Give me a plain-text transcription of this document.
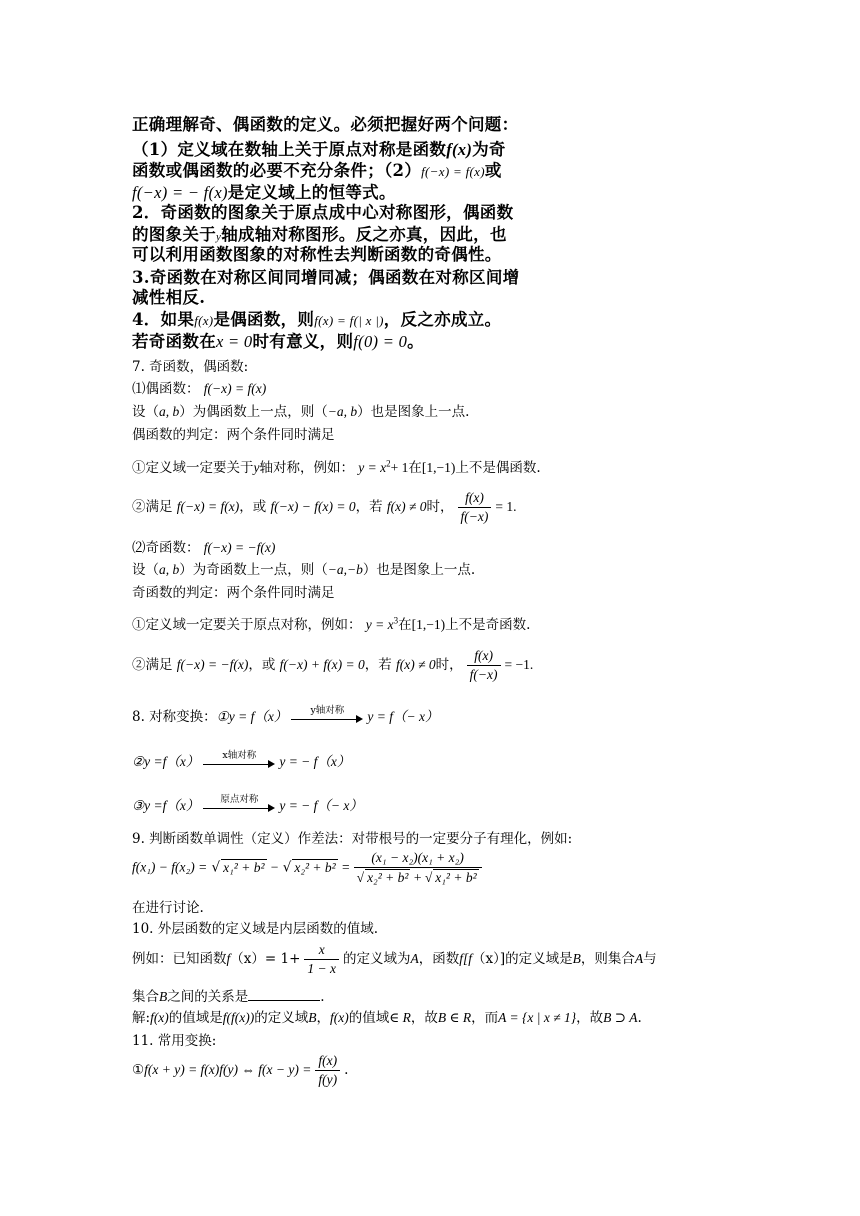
正确理解奇、偶函数的定义。必须把握好两个问题：
（1）定义域在数轴上关于原点对称是函数f(x)为奇
函数或偶函数的必要不充分条件；（2）f(−x) = f(x)或
f(−x) = − f(x)是定义域上的恒等式。
2．奇函数的图象关于原点成中心对称图形，偶函数
的图象关于y轴成轴对称图形。反之亦真，因此，也
可以利用函数图象的对称性去判断函数的奇偶性。
3.奇函数在对称区间同增同减；偶函数在对称区间增
减性相反.
4．如果f(x)是偶函数，则f(x) = f(| x |)，反之亦成立。
若奇函数在x = 0时有意义，则f(0) = 0。
7. 奇函数，偶函数:
⑴偶函数： f(−x) = f(x)
设（a, b）为偶函数上一点，则（−a, b）也是图象上一点.
偶函数的判定：两个条件同时满足
①定义域一定要关于y轴对称，例如： $y = x^2+ 1$在[1,−1)上不是偶函数.
②满足 f(−x) = f(x)，或 f(−x) − f(x) = 0，若 f(x) ≠ 0时， $\frac{f(x)}{f(-x)} = 1$.
⑵奇函数： f(−x) = −f(x)
设（a, b）为奇函数上一点，则（−a,−b）也是图象上一点.
奇函数的判定：两个条件同时满足
①定义域一定要关于原点对称，例如： $y = x^3$在[1,−1)上不是奇函数.
②满足 f(−x) = −f(x)，或 f(−x) + f(x) = 0，若 f(x) ≠ 0时， $\frac{f(x)}{f(-x)} = -1$.
8. 对称变换：①y = f（x）	y轴对称	y = f（− x）
②y =f（x）	x轴对称	y = − f（x）
③y =f（x）	原点对称	y = − f（− x）
9. 判断函数单调性（定义）作差法：对带根号的一定要分子有理化，例如:
f(x₁) − f(x₂) = √ x₁² + b² − √ $x_2^2 + b^2 = \frac{\text{(x₁ − x₂)(x₁ + x₂)}}{\text{√ x₂² + b² + √ x₁² + b²}}$
在进行讨论.
10. 外层函数的定义域是内层函数的值域.
例如：已知函数$f(x)= 1+ \frac{x}{1 - x}$ 的定义域为A，函数f[f（x）]的定义域是B，则集合A与
集合B之间的关系是	.
解:f(x)的值域是f(f(x))的定义域B，f(x)的值域∈ R，故B ∈ R，而A = {x | x ≠ 1}，故B ⊃ A.
11. 常用变换:
①f(x + y) = f(x)f(y) ⇔ $f(x - y) = \frac{f(x)}{f(y)}$ .
